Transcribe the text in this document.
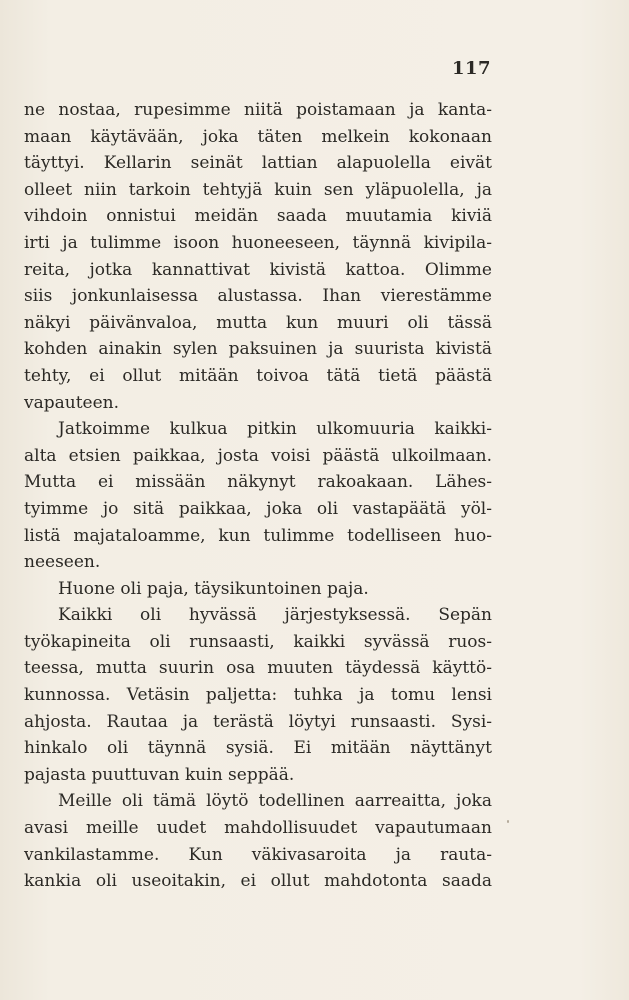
117
ne nostaa, rupesimme niitä poistamaan ja kanta-
maan käytävään, joka täten melkein kokonaan
täyttyi. Kellarin seinät lattian alapuolella eivät
olleet niin tarkoin tehtyjä kuin sen yläpuolella, ja
vihdoin onnistui meidän saada muutamia kiviä
irti ja tulimme isoon huoneeseen, täynnä kivipila-
reita, jotka kannattivat kivistä kattoa. Olimme
siis jonkunlaisessa alustassa. Ihan vierestämme
näkyi päivänvaloa, mutta kun muuri oli tässä
kohden ainakin sylen paksuinen ja suurista kivistä
tehty, ei ollut mitään toivoa tätä tietä päästä
vapauteen.
Jatkoimme kulkua pitkin ulkomuuria kaikki-
alta etsien paikkaa, josta voisi päästä ulkoilmaan.
Mutta ei missään näkynyt rakoakaan. Lähes-
tyimme jo sitä paikkaa, joka oli vastapäätä yöl-
listä majataloamme, kun tulimme todelliseen huo-
neeseen.
Huone oli paja, täysikuntoinen paja.
Kaikki oli hyvässä järjestyksessä. Sepän
työkapineita oli runsaasti, kaikki syvässä ruos-
teessa, mutta suurin osa muuten täydessä käyttö-
kunnossa. Vetäsin paljetta: tuhka ja tomu lensi
ahjosta. Rautaa ja terästä löytyi runsaasti. Sysi-
hinkalo oli täynnä sysiä. Ei mitään näyttänyt
pajasta puuttuvan kuin seppää.
Meille oli tämä löytö todellinen aarreaitta, joka
avasi meille uudet mahdollisuudet vapautumaan
vankilastamme. Kun väkivasaroita ja rauta-
kankia oli useoitakin, ei ollut mahdotonta saada
